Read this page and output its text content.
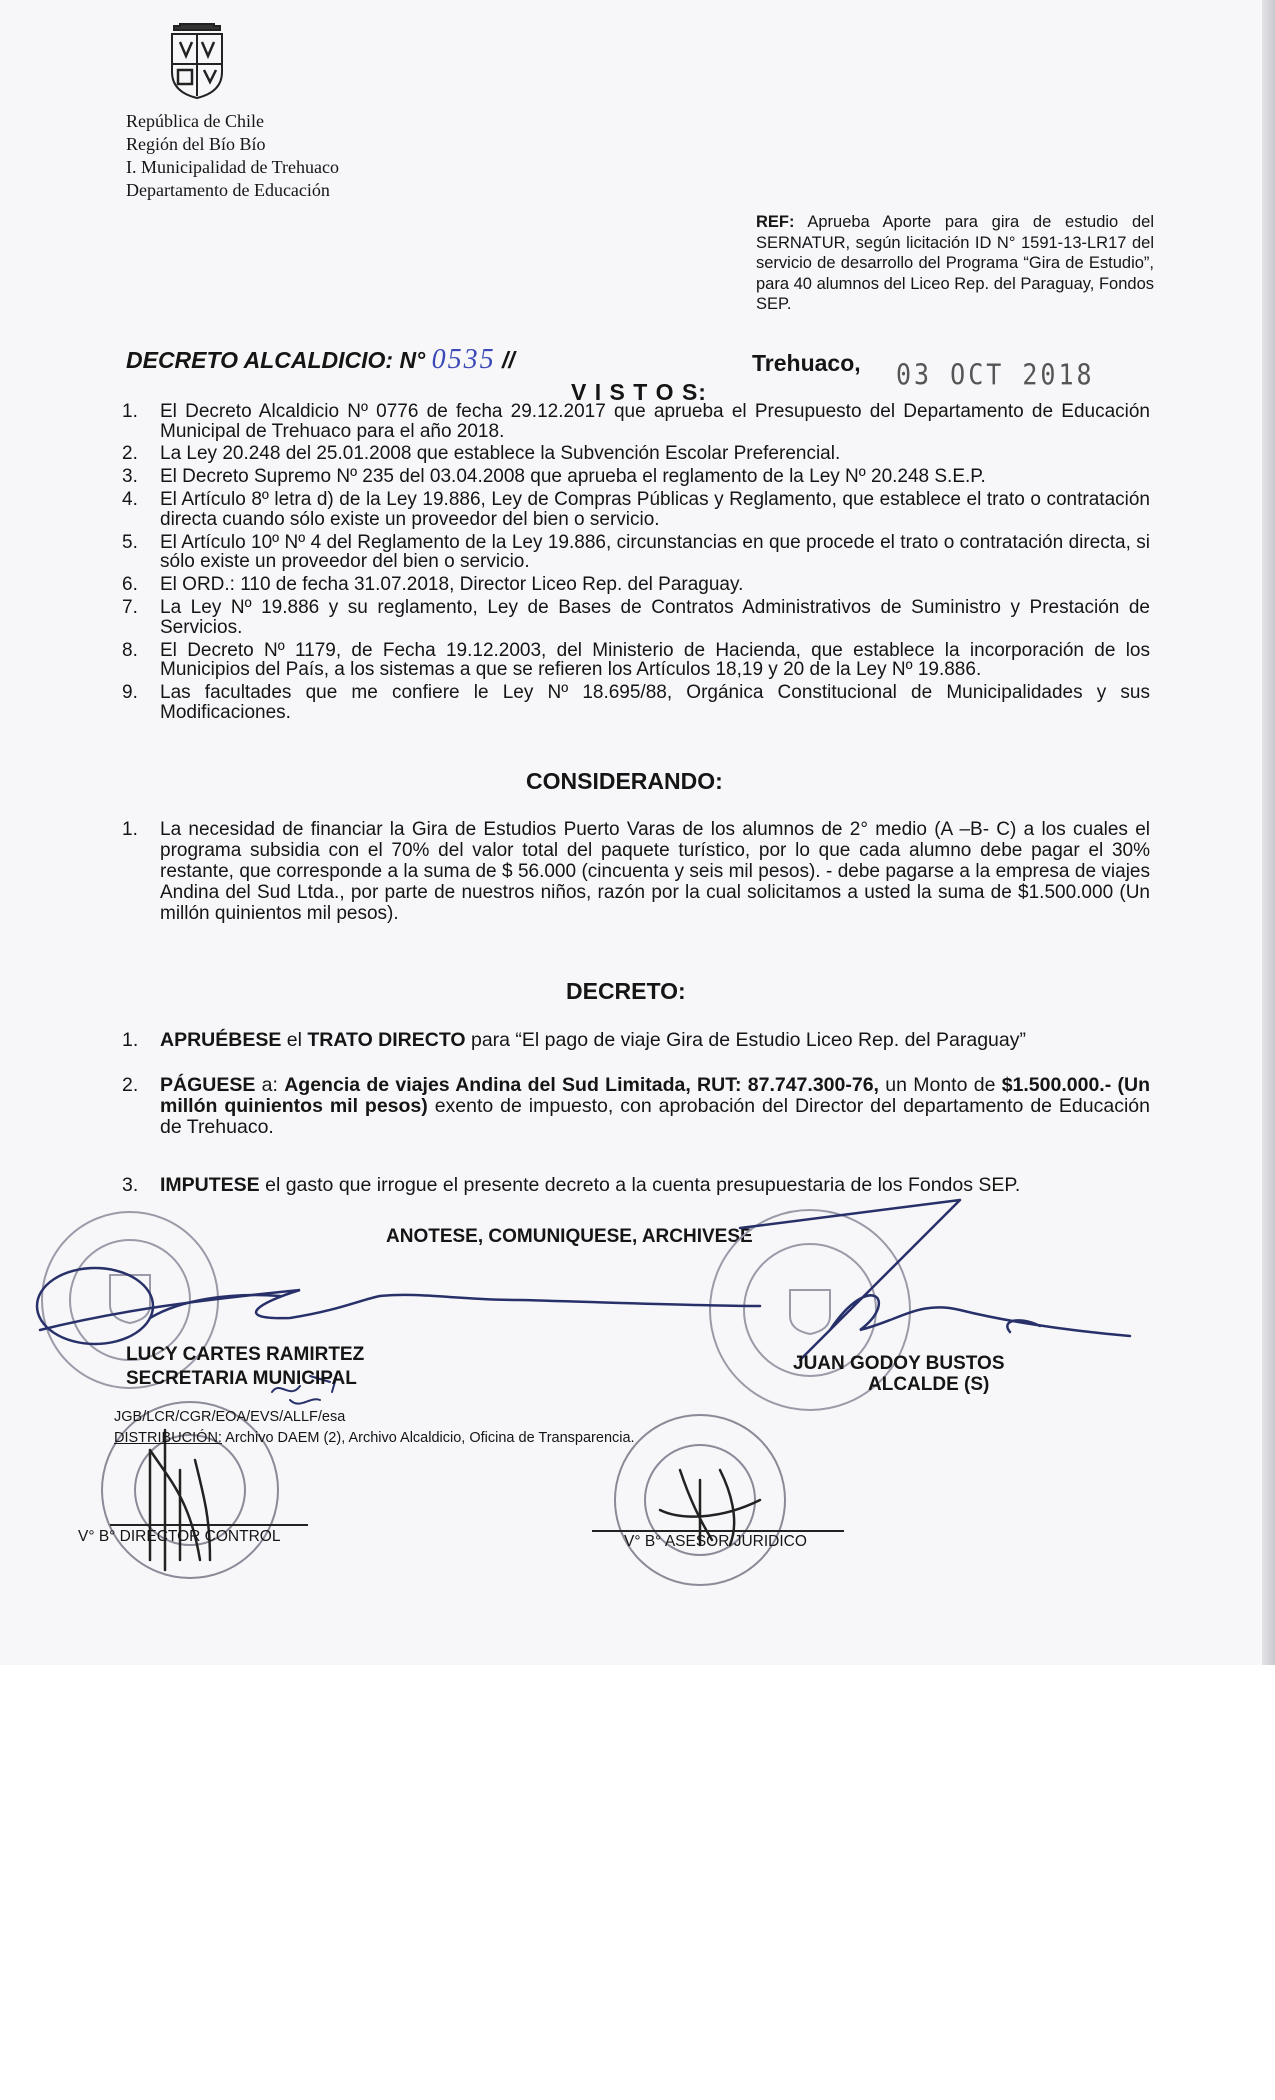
República de Chile
Región del Bío Bío
I. Municipalidad de Trehuaco
Departamento de Educación
REF: Aprueba Aporte para gira de estudio del SERNATUR, según licitación ID N° 1591-13-LR17 del servicio de desarrollo del Programa “Gira de Estudio”, para 40 alumnos del Liceo Rep. del Paraguay, Fondos SEP.
DECRETO ALCALDICIO: N° 0535 //	Trehuaco, 03 OCT 2018
V I S T O S:
1. El Decreto Alcaldicio Nº 0776 de fecha 29.12.2017 que aprueba el Presupuesto del Departamento de Educación Municipal de Trehuaco para el año 2018.
2. La Ley 20.248 del 25.01.2008 que establece la Subvención Escolar Preferencial.
3. El Decreto Supremo Nº 235 del 03.04.2008 que aprueba el reglamento de la Ley Nº 20.248 S.E.P.
4. El Artículo 8º letra d) de la Ley 19.886, Ley de Compras Públicas y Reglamento, que establece el trato o contratación directa cuando sólo existe un proveedor del bien o servicio.
5. El Artículo 10º Nº 4 del Reglamento de la Ley 19.886, circunstancias en que procede el trato o contratación directa, si sólo existe un proveedor del bien o servicio.
6. El ORD.: 110 de fecha 31.07.2018, Director Liceo Rep. del Paraguay.
7. La Ley Nº 19.886 y su reglamento, Ley de Bases de Contratos Administrativos de Suministro y Prestación de Servicios.
8. El Decreto Nº 1179, de Fecha 19.12.2003, del Ministerio de Hacienda, que establece la incorporación de los Municipios del País, a los sistemas a que se refieren los Artículos 18,19 y 20 de la Ley Nº 19.886.
9. Las facultades que me confiere le Ley Nº 18.695/88, Orgánica Constitucional de Municipalidades y sus Modificaciones.
CONSIDERANDO:
1. La necesidad de financiar la Gira de Estudios Puerto Varas de los alumnos de 2° medio (A –B- C) a los cuales el programa subsidia con el 70% del valor total del paquete turístico, por lo que cada alumno debe pagar el 30% restante, que corresponde a la suma de $ 56.000 (cincuenta y seis mil pesos). - debe pagarse a la empresa de viajes Andina del Sud Ltda., por parte de nuestros niños, razón por la cual solicitamos a usted la suma de $1.500.000 (Un millón quinientos mil pesos).
DECRETO:
1. APRUÉBESE el TRATO DIRECTO para “El pago de viaje Gira de Estudio Liceo Rep. del Paraguay”
2. PÁGUESE a: Agencia de viajes Andina del Sud Limitada, RUT: 87.747.300-76, un Monto de $1.500.000.- (Un millón quinientos mil pesos) exento de impuesto, con aprobación del Director del departamento de Educación de Trehuaco.
3. IMPUTESE el gasto que irrogue el presente decreto a la cuenta presupuestaria de los Fondos SEP.
ANOTESE, COMUNIQUESE, ARCHIVESE
LUCY CARTES RAMIRTEZ
SECRETARIA MUNICIPAL
JUAN GODOY BUSTOS
ALCALDE (S)
JGB/LCR/CGR/EOA/EVS/ALLF/esa
DISTRIBUCIÓN: Archivo DAEM (2), Archivo Alcaldicio, Oficina de Transparencia.
V° B° DIRECTOR CONTROL	V° B° ASESOR JURIDICO
